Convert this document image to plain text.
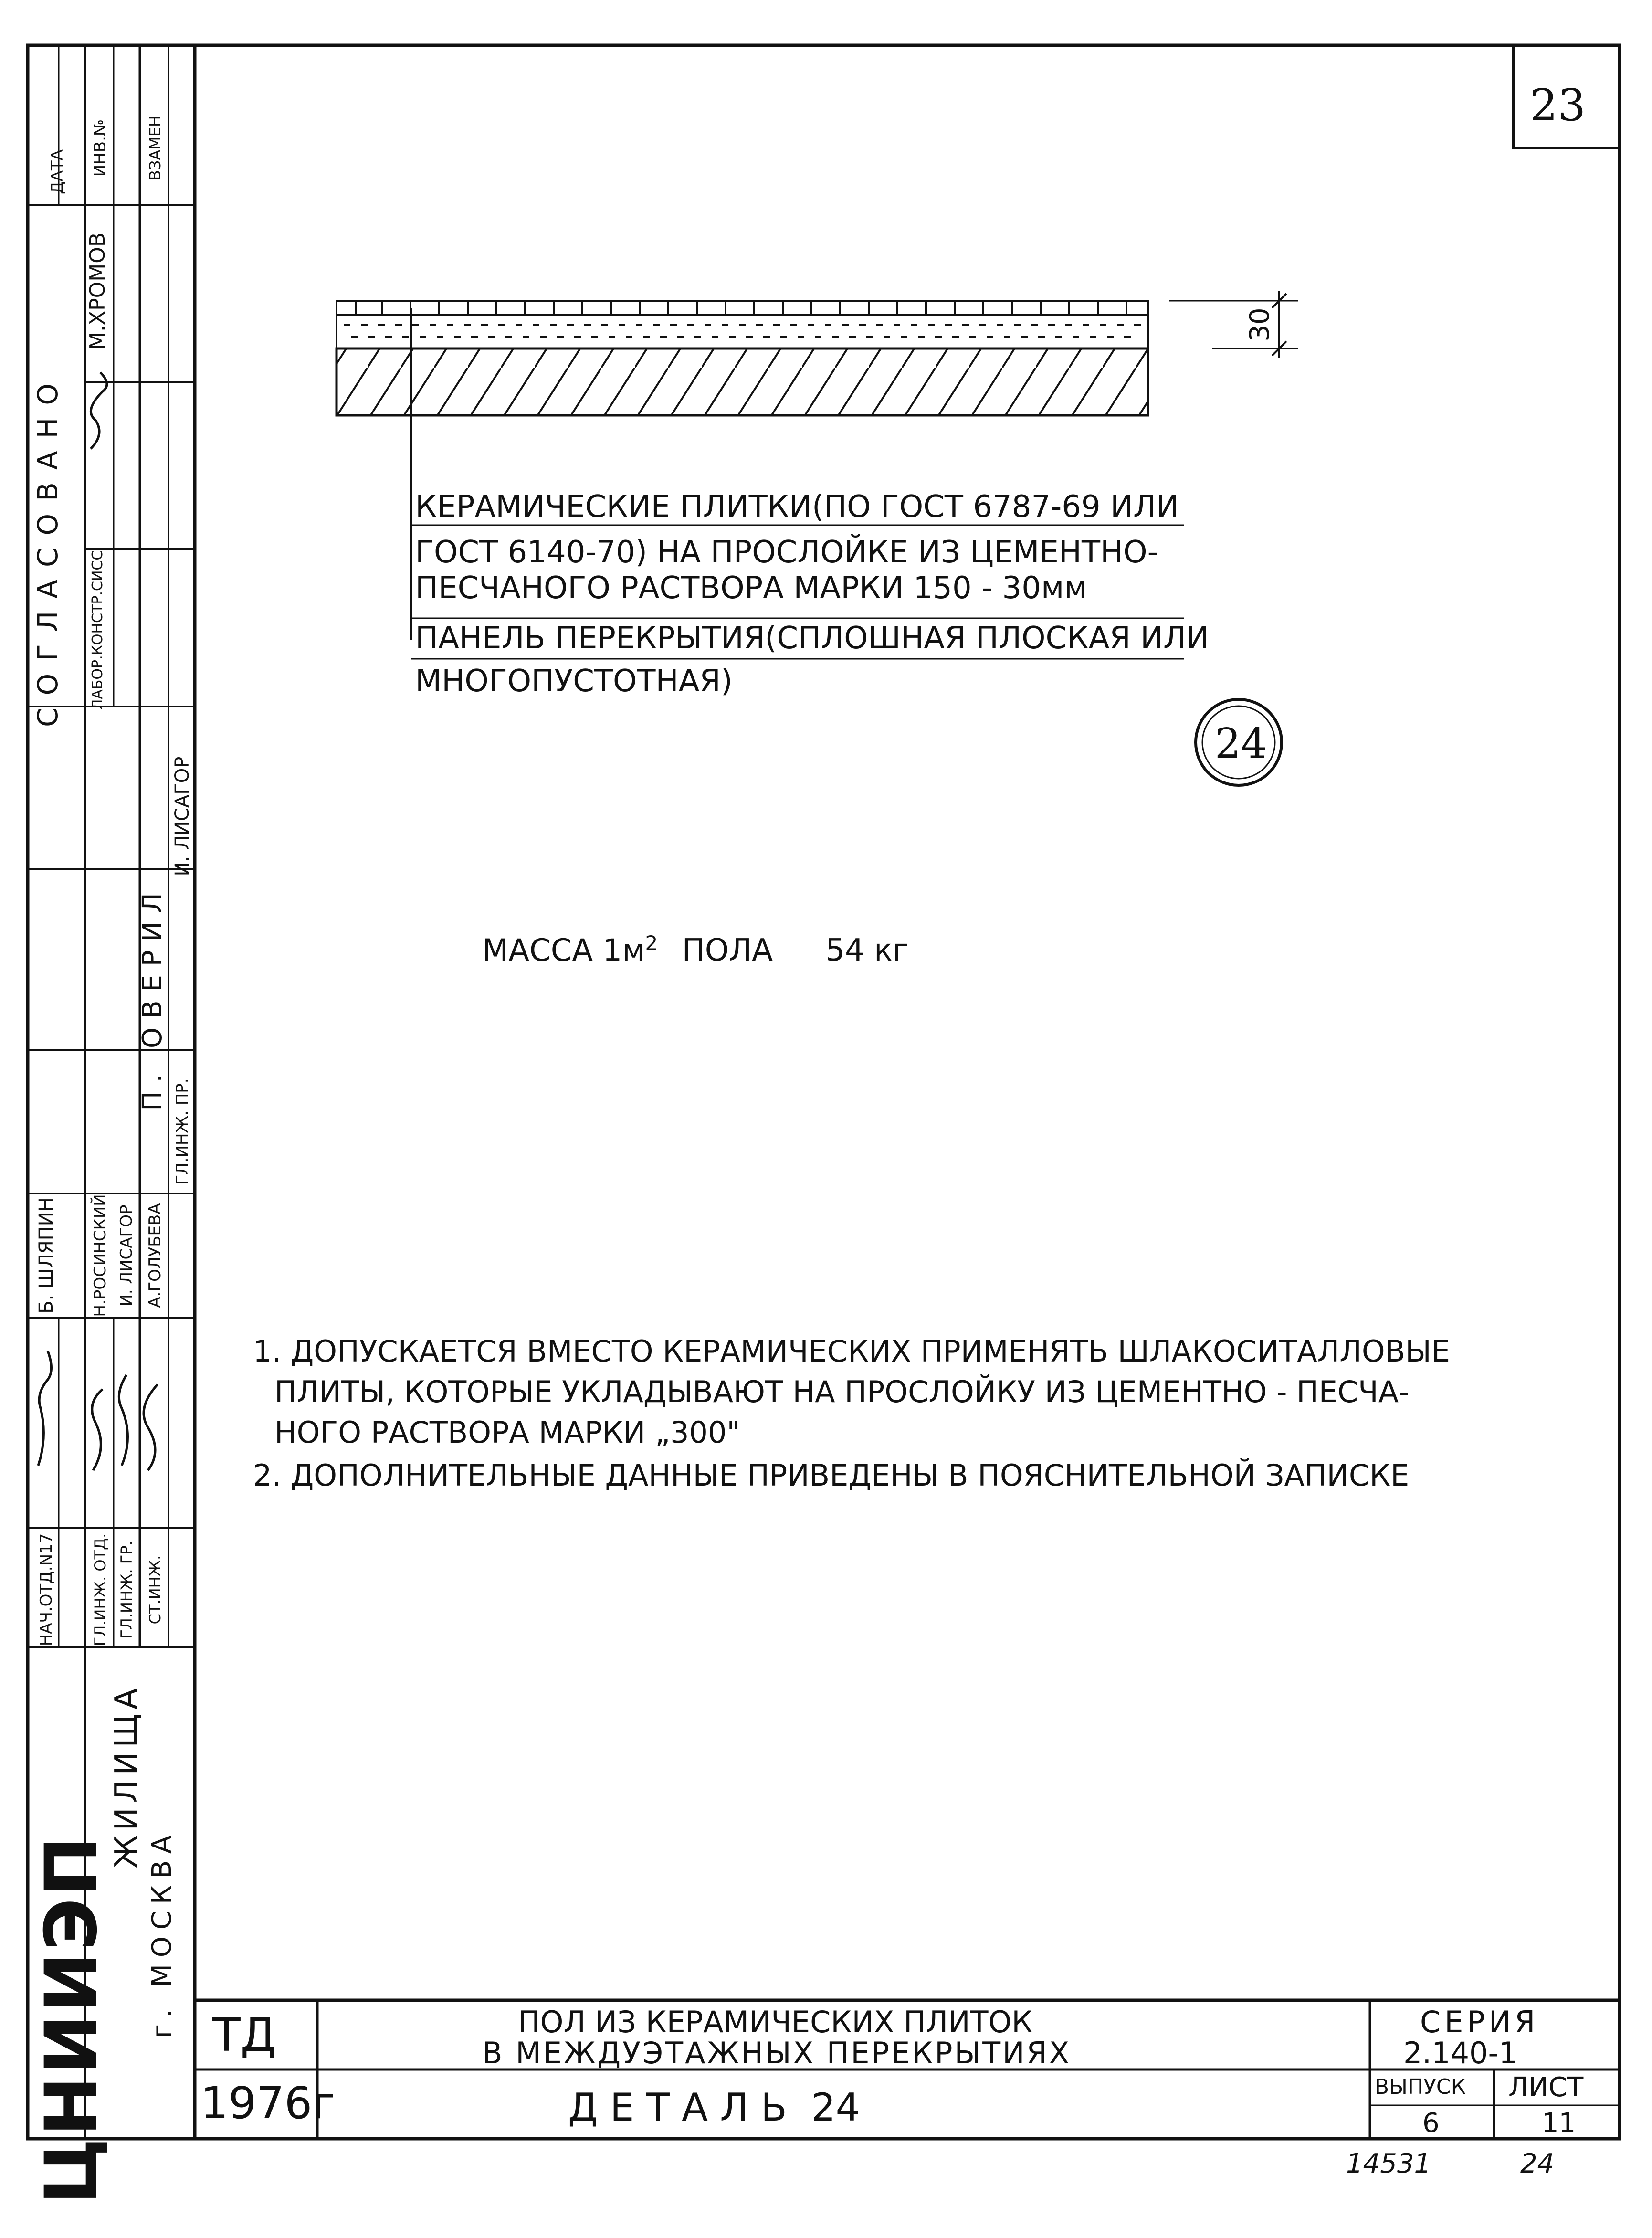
23
30
КЕРАМИЧЕСКИЕ ПЛИТКИ(ПО ГОСТ 6787-69 ИЛИ
ГОСТ 6140-70) НА ПРОСЛОЙКЕ ИЗ ЦЕМЕНТНО-
ПЕСЧАНОГО РАСТВОРА МАРКИ 150 - 30мм
ПАНЕЛЬ ПЕРЕКРЫТИЯ(СПЛОШНАЯ ПЛОСКАЯ ИЛИ
МНОГОПУСТОТНАЯ)
24
МАССА $1м^2$ ПОЛА 54 кг
1. ДОПУСКАЕТСЯ ВМЕСТО КЕРАМИЧЕСКИХ ПРИМЕНЯТЬ ШЛАКОСИТАЛЛОВЫЕ
ПЛИТЫ, КОТОРЫЕ УКЛАДЫВАЮТ НА ПРОСЛОЙКУ ИЗ ЦЕМЕНТНО - ПЕСЧА-
НОГО РАСТВОРА МАРКИ „300"
2. ДОПОЛНИТЕЛЬНЫЕ ДАННЫЕ ПРИВЕДЕНЫ В ПОЯСНИТЕЛЬНОЙ ЗАПИСКЕ
ДАТА ИНВ.№ ВЗАМЕН
СОГЛАСОВАНО
М.ХРОМОВ
ЛАБОР.КОНСТР.СИСС
П. ОВЕРИЛ
ГЛ.ИНЖ. ПР.
И. ЛИСАГОР
НАЧ.ОТД.N17 ГЛ.ИНЖ. ОТД. ГЛ.ИНЖ. ГР. СТ.ИНЖ.
Б. ШЛЯПИН Н.РОСИНСКИЙ И. ЛИСАГОР А.ГОЛУБЕВА
ЦНИИЭП
ЖИЛИЩА
г. МОСКВА ТД
1976г
ПОЛ ИЗ КЕРАМИЧЕСКИХ ПЛИТОК
В МЕЖДУЭТАЖНЫХ ПЕРЕКРЫТИЯХ
Д Е Т А Л Ь  24
СЕРИЯ
2.140-1
ВЫПУСК
6
ЛИСТ
11
14531	24
